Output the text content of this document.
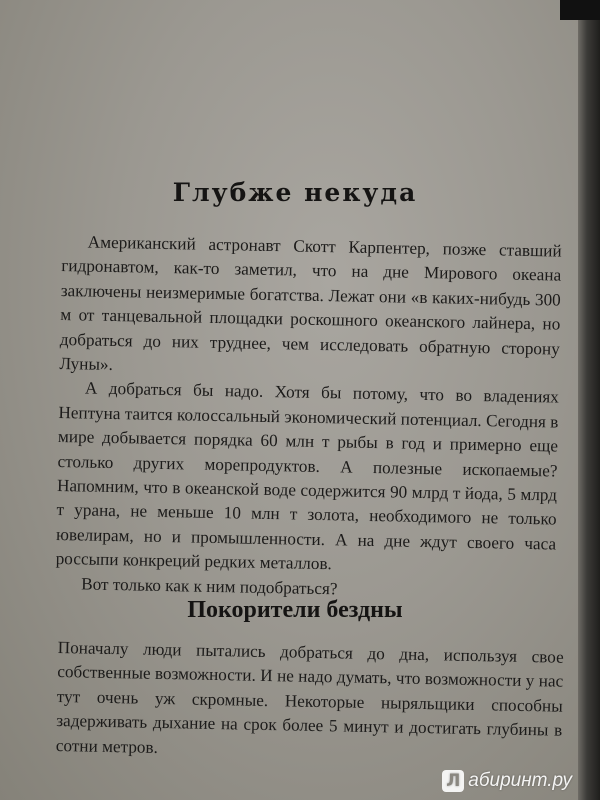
Глубже некуда

Американский астронавт Скотт Карпентер, позже ставший гидронавтом, как-то заметил, что на дне Мирового океана заключены неизмеримые богатства. Лежат они «в каких-нибудь 300 м от танцевальной площадки роскошного океанского лайнера, но добраться до них труднее, чем исследовать обратную сторону Луны».

А добраться бы надо. Хотя бы потому, что во владениях Нептуна таится колоссальный экономический потенциал. Сегодня в мире добывается порядка 60 млн т рыбы в год и примерно еще столько других морепродуктов. А полезные ископаемые? Напомним, что в океанской воде содержится 90 млрд т йода, 5 млрд т урана, не меньше 10 млн т золота, необходимого не только ювелирам, но и промышленности. А на дне ждут своего часа россыпи конкреций редких металлов.

Вот только как к ним подобраться?

Покорители бездны

Поначалу люди пытались добраться до дна, используя свое собственные возможности. И не надо думать, что возможности у нас тут очень уж скромные. Некоторые ныряльщики способны задерживать дыхание на срок более 5 минут и достигать глубины в сотни метров.

Л абиринт.ру
